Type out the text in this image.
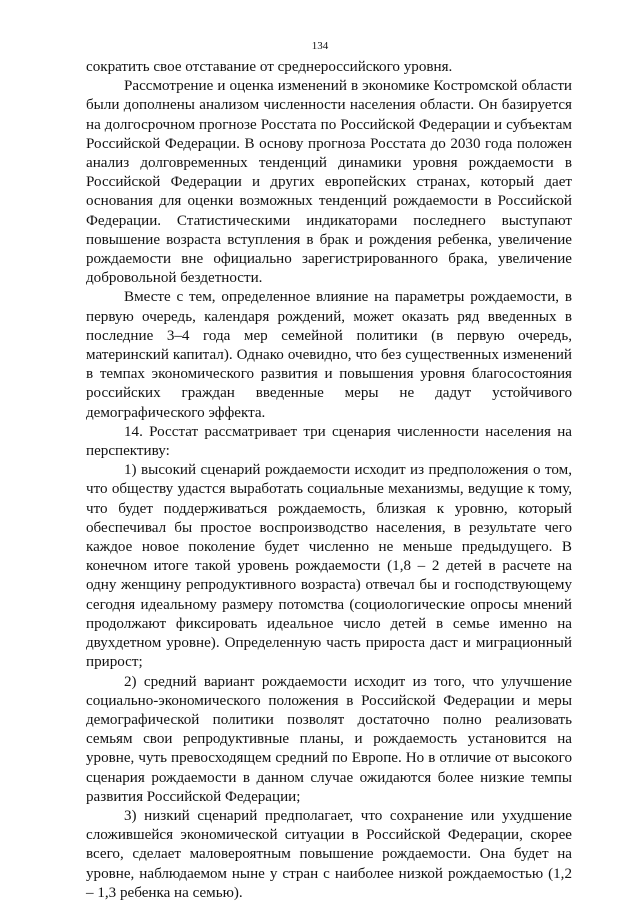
134

сократить свое отставание от среднероссийского уровня.

Рассмотрение и оценка изменений в экономике Костромской области были дополнены анализом численности населения области. Он базируется на долгосрочном прогнозе Росстата по Российской Федерации и субъектам Российской Федерации. В основу прогноза Росстата до 2030 года положен анализ долговременных тенденций динамики уровня рождаемости в Российской Федерации и других европейских странах, который дает основания для оценки возможных тенденций рождаемости в Российской Федерации. Статистическими индикаторами последнего выступают повышение возраста вступления в брак и рождения ребенка, увеличение рождаемости вне официально зарегистрированного брака, увеличение добровольной бездетности.

Вместе с тем, определенное влияние на параметры рождаемости, в первую очередь, календаря рождений, может оказать ряд введенных в последние 3–4 года мер семейной политики (в первую очередь, материнский капитал). Однако очевидно, что без существенных изменений в темпах экономического развития и повышения уровня благосостояния российских граждан введенные меры не дадут устойчивого демографического эффекта.

14. Росстат рассматривает три сценария численности населения на перспективу:

1) высокий сценарий рождаемости исходит из предположения о том, что обществу удастся выработать социальные механизмы, ведущие к тому, что будет поддерживаться рождаемость, близкая к уровню, который обеспечивал бы простое воспроизводство населения, в результате чего каждое новое поколение будет численно не меньше предыдущего. В конечном итоге такой уровень рождаемости (1,8 – 2 детей в расчете на одну женщину репродуктивного возраста) отвечал бы и господствующему сегодня идеальному размеру потомства (социологические опросы мнений продолжают фиксировать идеальное число детей в семье именно на двухдетном уровне). Определенную часть прироста даст и миграционный прирост;

2) средний вариант рождаемости исходит из того, что улучшение социально-экономического положения в Российской Федерации и меры демографической политики позволят достаточно полно реализовать семьям свои репродуктивные планы, и рождаемость установится на уровне, чуть превосходящем средний по Европе. Но в отличие от высокого сценария рождаемости в данном случае ожидаются более низкие темпы развития Российской Федерации;

3) низкий сценарий предполагает, что сохранение или ухудшение сложившейся экономической ситуации в Российской Федерации, скорее всего, сделает маловероятным повышение рождаемости. Она будет на уровне, наблюдаемом ныне у стран с наиболее низкой рождаемостью (1,2 – 1,3 ребенка на семью).
